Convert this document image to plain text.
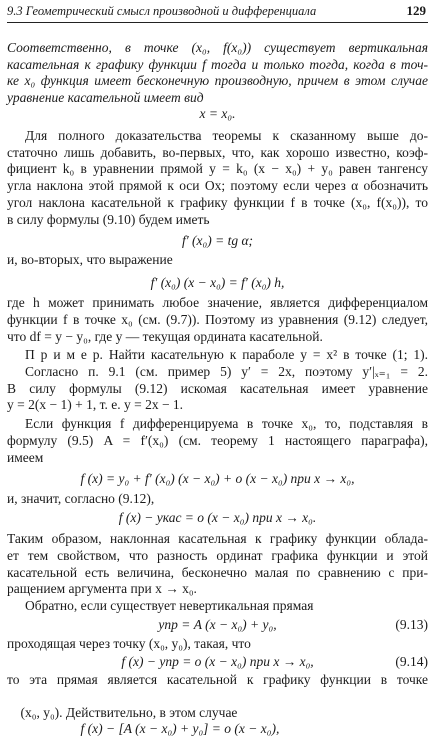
9.3 Геометрический смысл производной и дифференциала	129
Соответственно, в точке (x₀, f(x₀)) существует вертикальная
касательная к графику функции f тогда и только тогда, когда в точ-
ке x₀ функция имеет бесконечную производную, причем в этом случае
уравнение касательной имеет вид
x = x₀.
Для полного доказательства теоремы к сказанному выше до-
статочно лишь добавить, во-первых, что, как хорошо известно, коэф-
фициент k₀ в уравнении прямой y = k₀ (x − x₀) + y₀ равен тангенсу
угла наклона этой прямой к оси Ox; поэтому если через α обозначить
угол наклона касательной к графику функции f в точке (x₀, f(x₀)), то
в силу формулы (9.10) будем иметь
f′ (x₀) = tg α;
и, во-вторых, что выражение
f′ (x₀) (x − x₀) = f′ (x₀) h,
где h может принимать любое значение, является дифференциалом
функции f в точке x₀ (см. (9.7)). Поэтому из уравнения (9.12) следует,
что df = y − y₀, где y — текущая ордината касательной.
П р и м е р. Найти касательную к параболе y = x² в точке (1; 1).
Согласно п. 9.1 (см. пример 5) y′ = 2x, поэтому y′|ₓ₌₁ = 2.
В силу формулы (9.12) искомая касательная имеет уравнение
y = 2(x − 1) + 1, т. е. y = 2x − 1.
Если функция f дифференцируема в точке x₀, то, подставляя в
формулу (9.5) A = f′(x₀) (см. теорему 1 настоящего параграфа),
имеем
f (x) = y₀ + f′ (x₀) (x − x₀) + o (x − x₀) при x → x₀,
и, значит, согласно (9.12),
f (x) − yкас = o (x − x₀) при x → x₀.
Таким образом, наклонная касательная к графику функции облада-
ет тем свойством, что разность ординат графика функции и этой
касательной есть величина, бесконечно малая по сравнению с при-
ращением аргумента при x → x₀.
Обратно, если существует невертикальная прямая

yпр = A (x − x₀) + y₀,

	(9.13)

проходящая через точку (x₀, y₀), такая, что

f (x) − yпр = o (x − x₀) при x → x₀,

	(9.14)

то эта прямая является касательной к графику функции в точке

(x₀, y₀). Действительно, в этом случае
f (x) − [A (x − x₀) + y₀] = o (x − x₀),
